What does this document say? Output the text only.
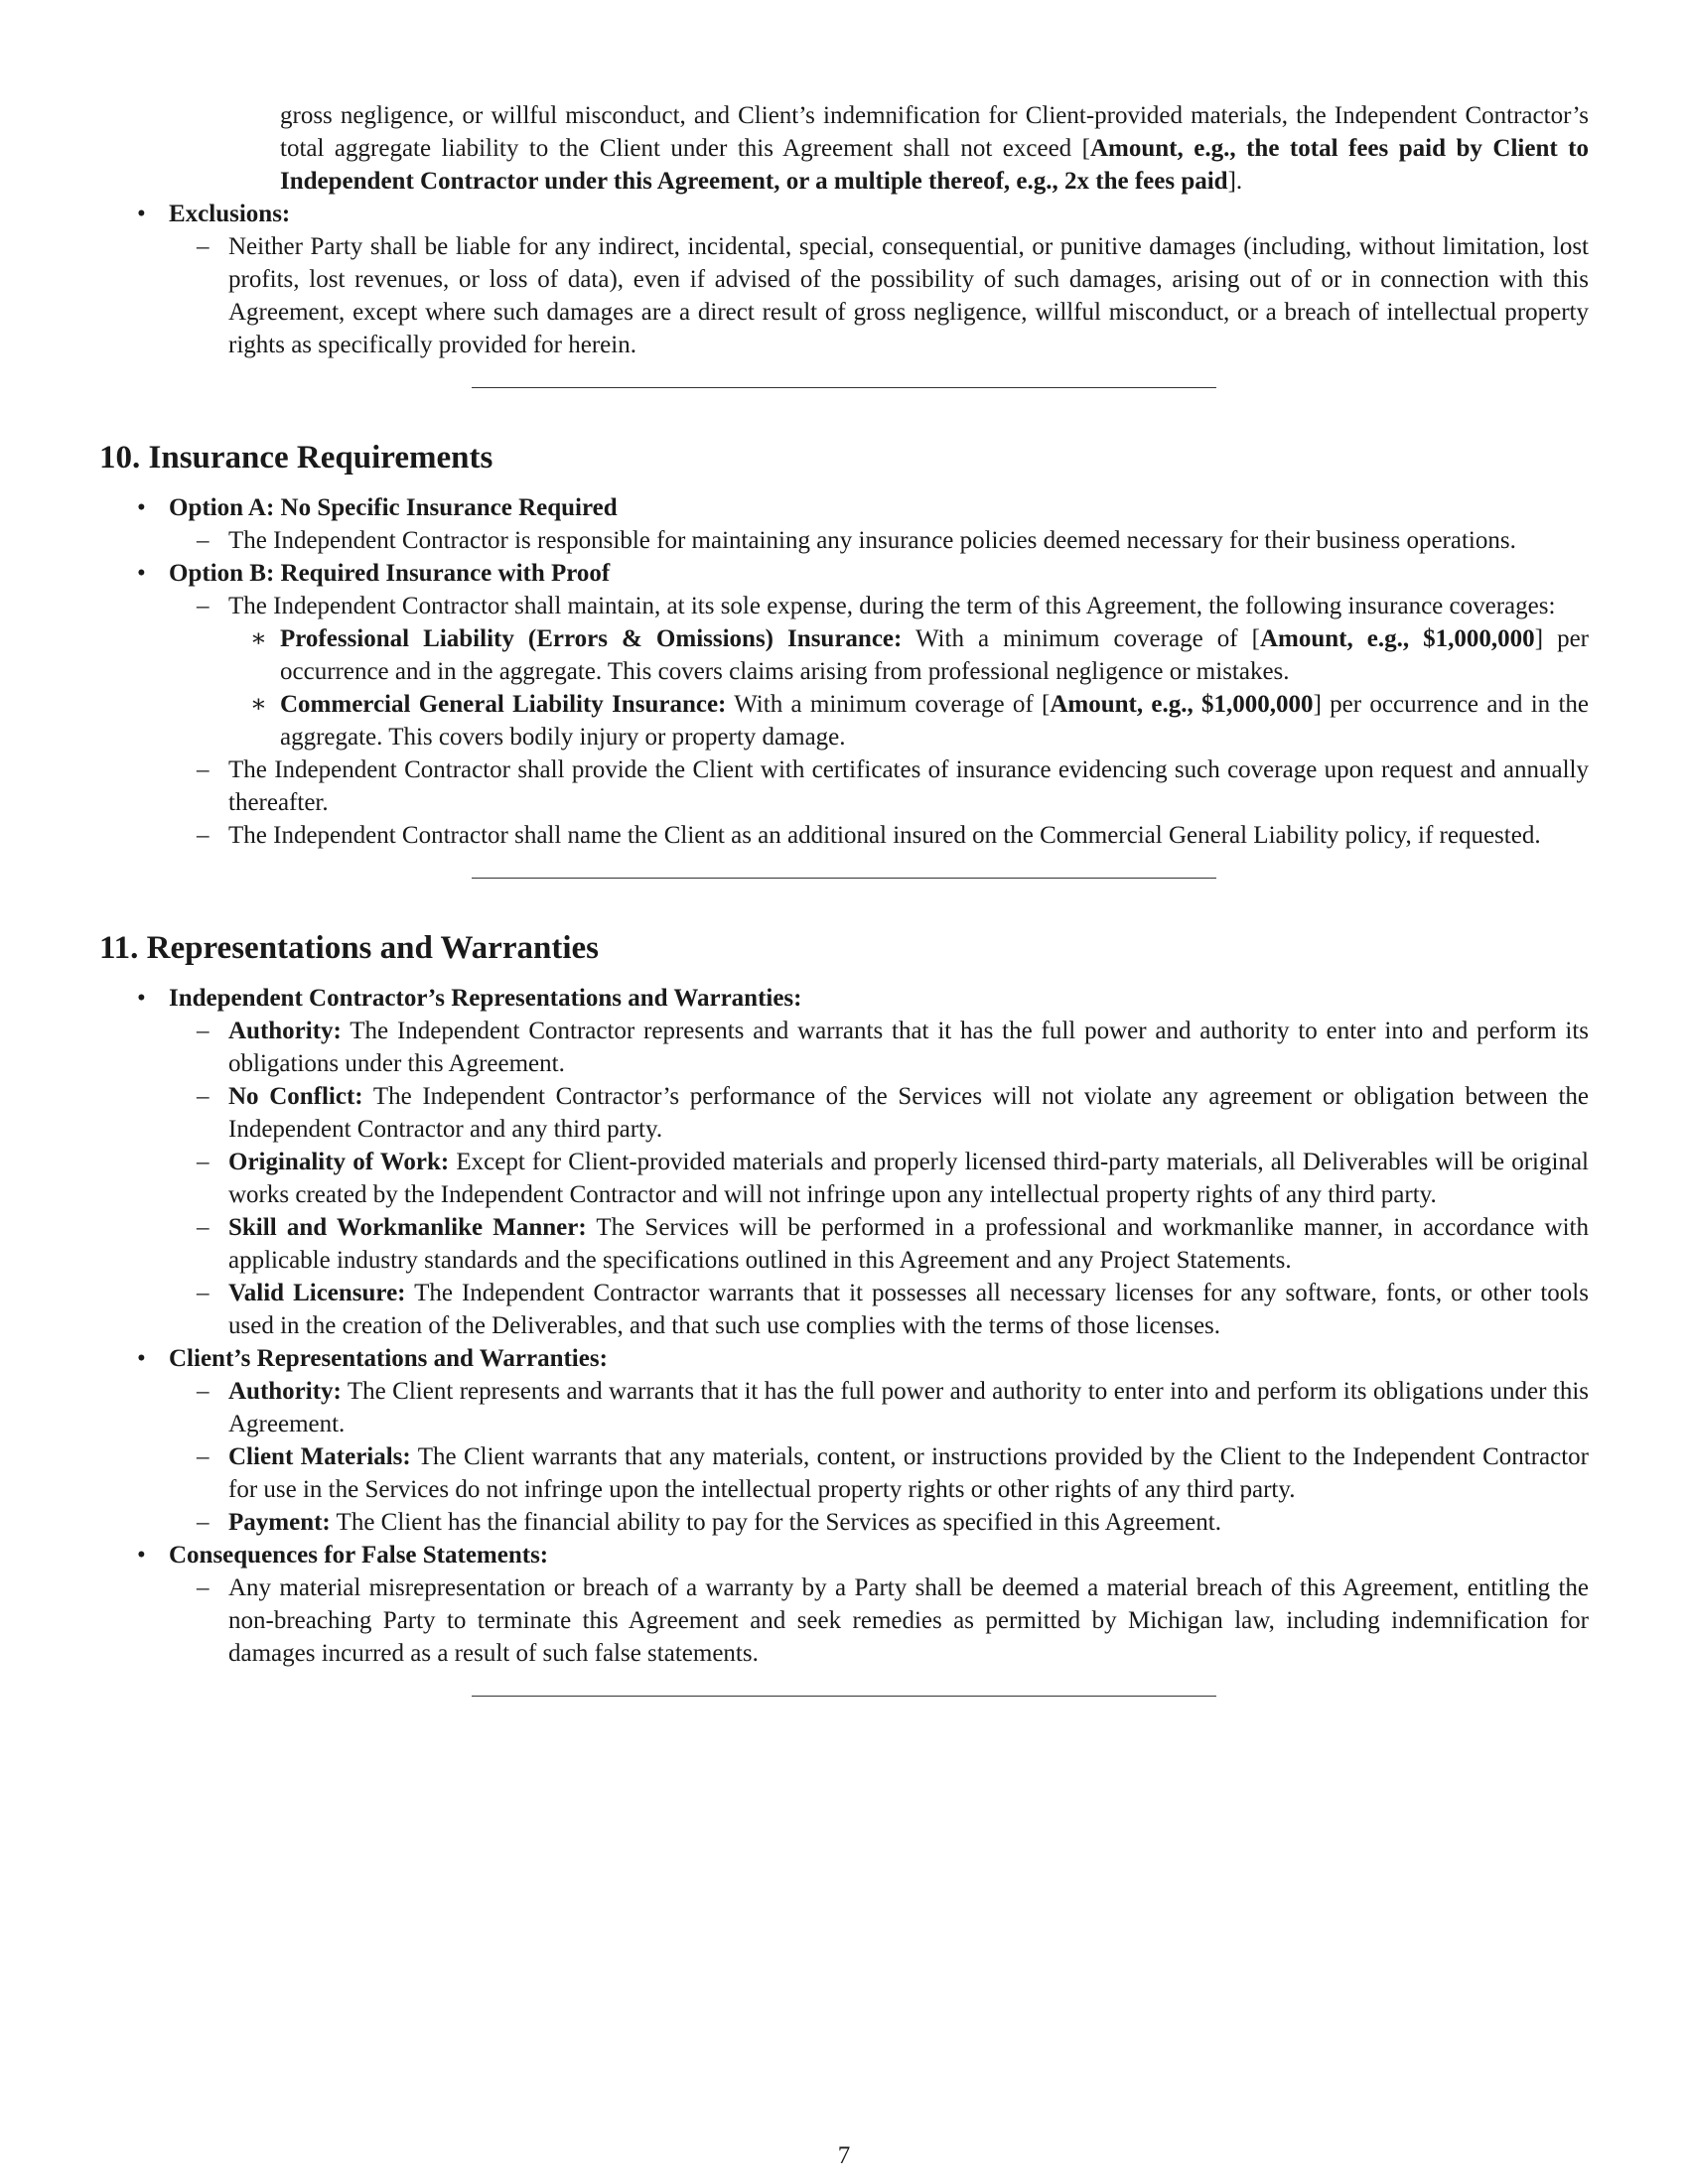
gross negligence, or willful misconduct, and Client’s indemnification for Client-provided materials, the Independent Contractor’s total aggregate liability to the Client under this Agreement shall not exceed [Amount, e.g., the total fees paid by Client to Independent Contractor under this Agreement, or a multiple thereof, e.g., 2x the fees paid].
• Exclusions:
– Neither Party shall be liable for any indirect, incidental, special, consequential, or punitive damages (including, without limitation, lost profits, lost revenues, or loss of data), even if advised of the possibility of such damages, arising out of or in connection with this Agreement, except where such damages are a direct result of gross negligence, willful misconduct, or a breach of intellectual property rights as specifically provided for herein.
10. Insurance Requirements
• Option A: No Specific Insurance Required
– The Independent Contractor is responsible for maintaining any insurance policies deemed necessary for their business operations.
• Option B: Required Insurance with Proof
– The Independent Contractor shall maintain, at its sole expense, during the term of this Agreement, the following insurance coverages:
∗ Professional Liability (Errors & Omissions) Insurance: With a minimum coverage of [Amount, e.g., $1,000,000] per occurrence and in the aggregate. This covers claims arising from professional negligence or mistakes.
∗ Commercial General Liability Insurance: With a minimum coverage of [Amount, e.g., $1,000,000] per occurrence and in the aggregate. This covers bodily injury or property damage.
– The Independent Contractor shall provide the Client with certificates of insurance evidencing such coverage upon request and annually thereafter.
– The Independent Contractor shall name the Client as an additional insured on the Commercial General Liability policy, if requested.
11. Representations and Warranties
• Independent Contractor’s Representations and Warranties:
– Authority: The Independent Contractor represents and warrants that it has the full power and authority to enter into and perform its obligations under this Agreement.
– No Conflict: The Independent Contractor’s performance of the Services will not violate any agreement or obligation between the Independent Contractor and any third party.
– Originality of Work: Except for Client-provided materials and properly licensed third-party materials, all Deliverables will be original works created by the Independent Contractor and will not infringe upon any intellectual property rights of any third party.
– Skill and Workmanlike Manner: The Services will be performed in a professional and workmanlike manner, in accordance with applicable industry standards and the specifications outlined in this Agreement and any Project Statements.
– Valid Licensure: The Independent Contractor warrants that it possesses all necessary licenses for any software, fonts, or other tools used in the creation of the Deliverables, and that such use complies with the terms of those licenses.
• Client’s Representations and Warranties:
– Authority: The Client represents and warrants that it has the full power and authority to enter into and perform its obligations under this Agreement.
– Client Materials: The Client warrants that any materials, content, or instructions provided by the Client to the Independent Contractor for use in the Services do not infringe upon the intellectual property rights or other rights of any third party.
– Payment: The Client has the financial ability to pay for the Services as specified in this Agreement.
• Consequences for False Statements:
– Any material misrepresentation or breach of a warranty by a Party shall be deemed a material breach of this Agreement, entitling the non-breaching Party to terminate this Agreement and seek remedies as permitted by Michigan law, including indemnification for damages incurred as a result of such false statements.
7
